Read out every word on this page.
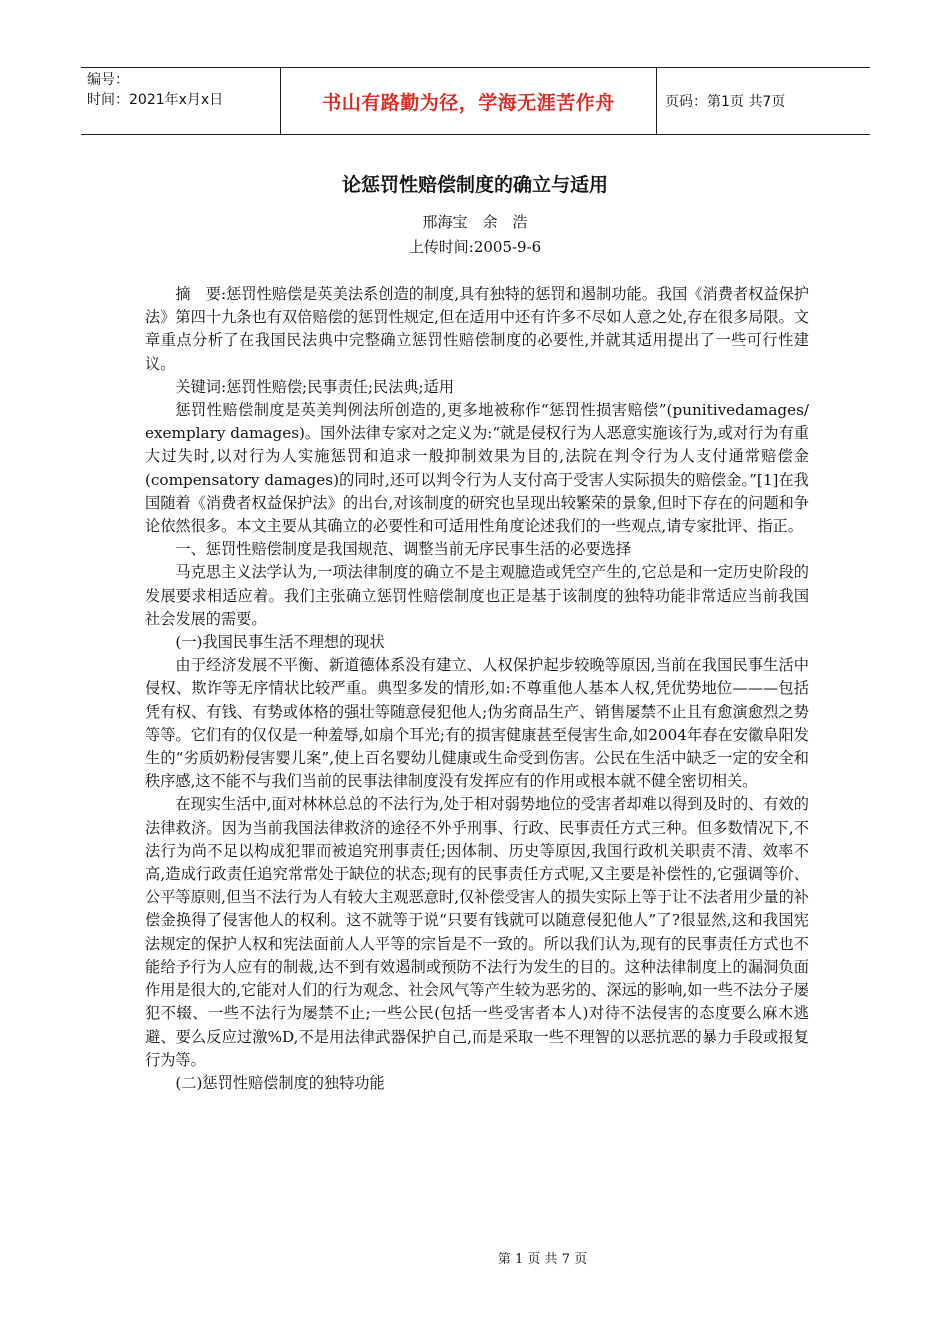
编号：
时间：2021年x月x日	书山有路勤为径，学海无涯苦作舟	页码：第1页 共7页
论惩罚性赔偿制度的确立与适用
邢海宝　余　浩
上传时间:2005-9-6

摘　要:惩罚性赔偿是英美法系创造的制度,具有独特的惩罚和遏制功能。我国《消费者权益保护法》第四十九条也有双倍赔偿的惩罚性规定,但在适用中还有许多不尽如人意之处,存在很多局限。文章重点分析了在我国民法典中完整确立惩罚性赔偿制度的必要性,并就其适用提出了一些可行性建议。

关键词:惩罚性赔偿;民事责任;民法典;适用

惩罚性赔偿制度是英美判例法所创造的,更多地被称作“惩罚性损害赔偿”(punitivedamages/ exemplary damages)。国外法律专家对之定义为:“就是侵权行为人恶意实施该行为,或对行为有重大过失时,以对行为人实施惩罚和追求一般抑制效果为目的,法院在判令行为人支付通常赔偿金(compensatory damages)的同时,还可以判令行为人支付高于受害人实际损失的赔偿金。”[1]在我国随着《消费者权益保护法》的出台,对该制度的研究也呈现出较繁荣的景象,但时下存在的问题和争论依然很多。本文主要从其确立的必要性和可适用性角度论述我们的一些观点,请专家批评、指正。

一、惩罚性赔偿制度是我国规范、调整当前无序民事生活的必要选择

马克思主义法学认为,一项法律制度的确立不是主观臆造或凭空产生的,它总是和一定历史阶段的发展要求相适应着。我们主张确立惩罚性赔偿制度也正是基于该制度的独特功能非常适应当前我国社会发展的需要。

(一)我国民事生活不理想的现状

由于经济发展不平衡、新道德体系没有建立、人权保护起步较晚等原因,当前在我国民事生活中侵权、欺诈等无序情状比较严重。典型多发的情形,如:不尊重他人基本人权,凭优势地位———包括凭有权、有钱、有势或体格的强壮等随意侵犯他人;伪劣商品生产、销售屡禁不止且有愈演愈烈之势等等。它们有的仅仅是一种羞辱,如扇个耳光;有的损害健康甚至侵害生命,如2004年春在安徽阜阳发生的“劣质奶粉侵害婴儿案”,使上百名婴幼儿健康或生命受到伤害。公民在生活中缺乏一定的安全和秩序感,这不能不与我们当前的民事法律制度没有发挥应有的作用或根本就不健全密切相关。

在现实生活中,面对林林总总的不法行为,处于相对弱势地位的受害者却难以得到及时的、有效的法律救济。因为当前我国法律救济的途径不外乎刑事、行政、民事责任方式三种。但多数情况下,不法行为尚不足以构成犯罪而被追究刑事责任;因体制、历史等原因,我国行政机关职责不清、效率不高,造成行政责任追究常常处于缺位的状态;现有的民事责任方式呢,又主要是补偿性的,它强调等价、公平等原则,但当不法行为人有较大主观恶意时,仅补偿受害人的损失实际上等于让不法者用少量的补偿金换得了侵害他人的权利。这不就等于说“只要有钱就可以随意侵犯他人”了?很显然,这和我国宪法规定的保护人权和宪法面前人人平等的宗旨是不一致的。所以我们认为,现有的民事责任方式也不能给予行为人应有的制裁,达不到有效遏制或预防不法行为发生的目的。这种法律制度上的漏洞负面作用是很大的,它能对人们的行为观念、社会风气等产生较为恶劣的、深远的影响,如一些不法分子屡犯不辍、一些不法行为屡禁不止;一些公民(包括一些受害者本人)对待不法侵害的态度要么麻木逃避、要么反应过激%D,不是用法律武器保护自己,而是采取一些不理智的以恶抗恶的暴力手段或报复行为等。

(二)惩罚性赔偿制度的独特功能

第 1 页 共 7 页
